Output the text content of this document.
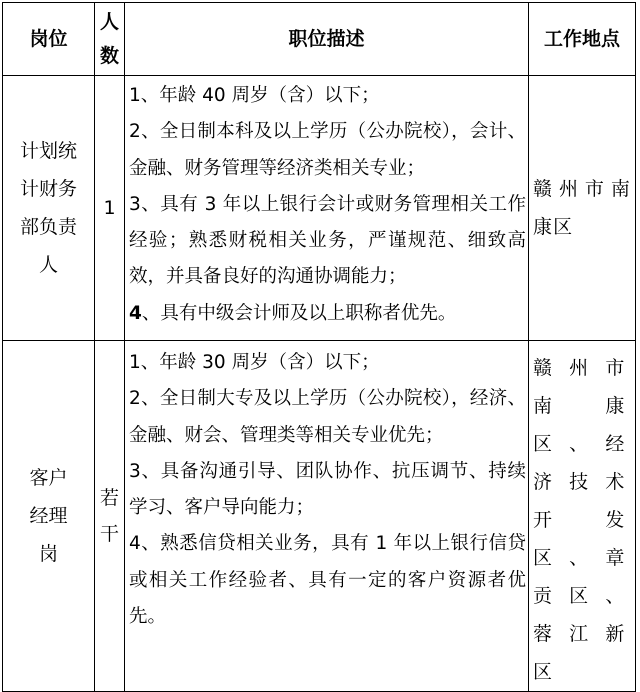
岗位	人数	职位描述	工作地点
计划统计财务部负责人	1	1、年龄 40 周岁（含）以下；
2、全日制本科及以上学历（公办院校），会计、金融、财务管理等经济类相关专业；
3、具有 3 年以上银行会计或财务管理相关工作经验；熟悉财税相关业务，严谨规范、细致高效，并具备良好的沟通协调能力；
4、具有中级会计师及以上职称者优先。	赣州市南康区
客户经理岗	若干	1、年龄 30 周岁（含）以下；
2、全日制大专及以上学历（公办院校），经济、金融、财会、管理类等相关专业优先；
3、具备沟通引导、团队协作、抗压调节、持续学习、客户导向能力；
4、熟悉信贷相关业务，具有 1 年以上银行信贷或相关工作经验者、具有一定的客户资源者优先。	赣州市南康区、经济技术开发区、章贡区、蓉江新区
